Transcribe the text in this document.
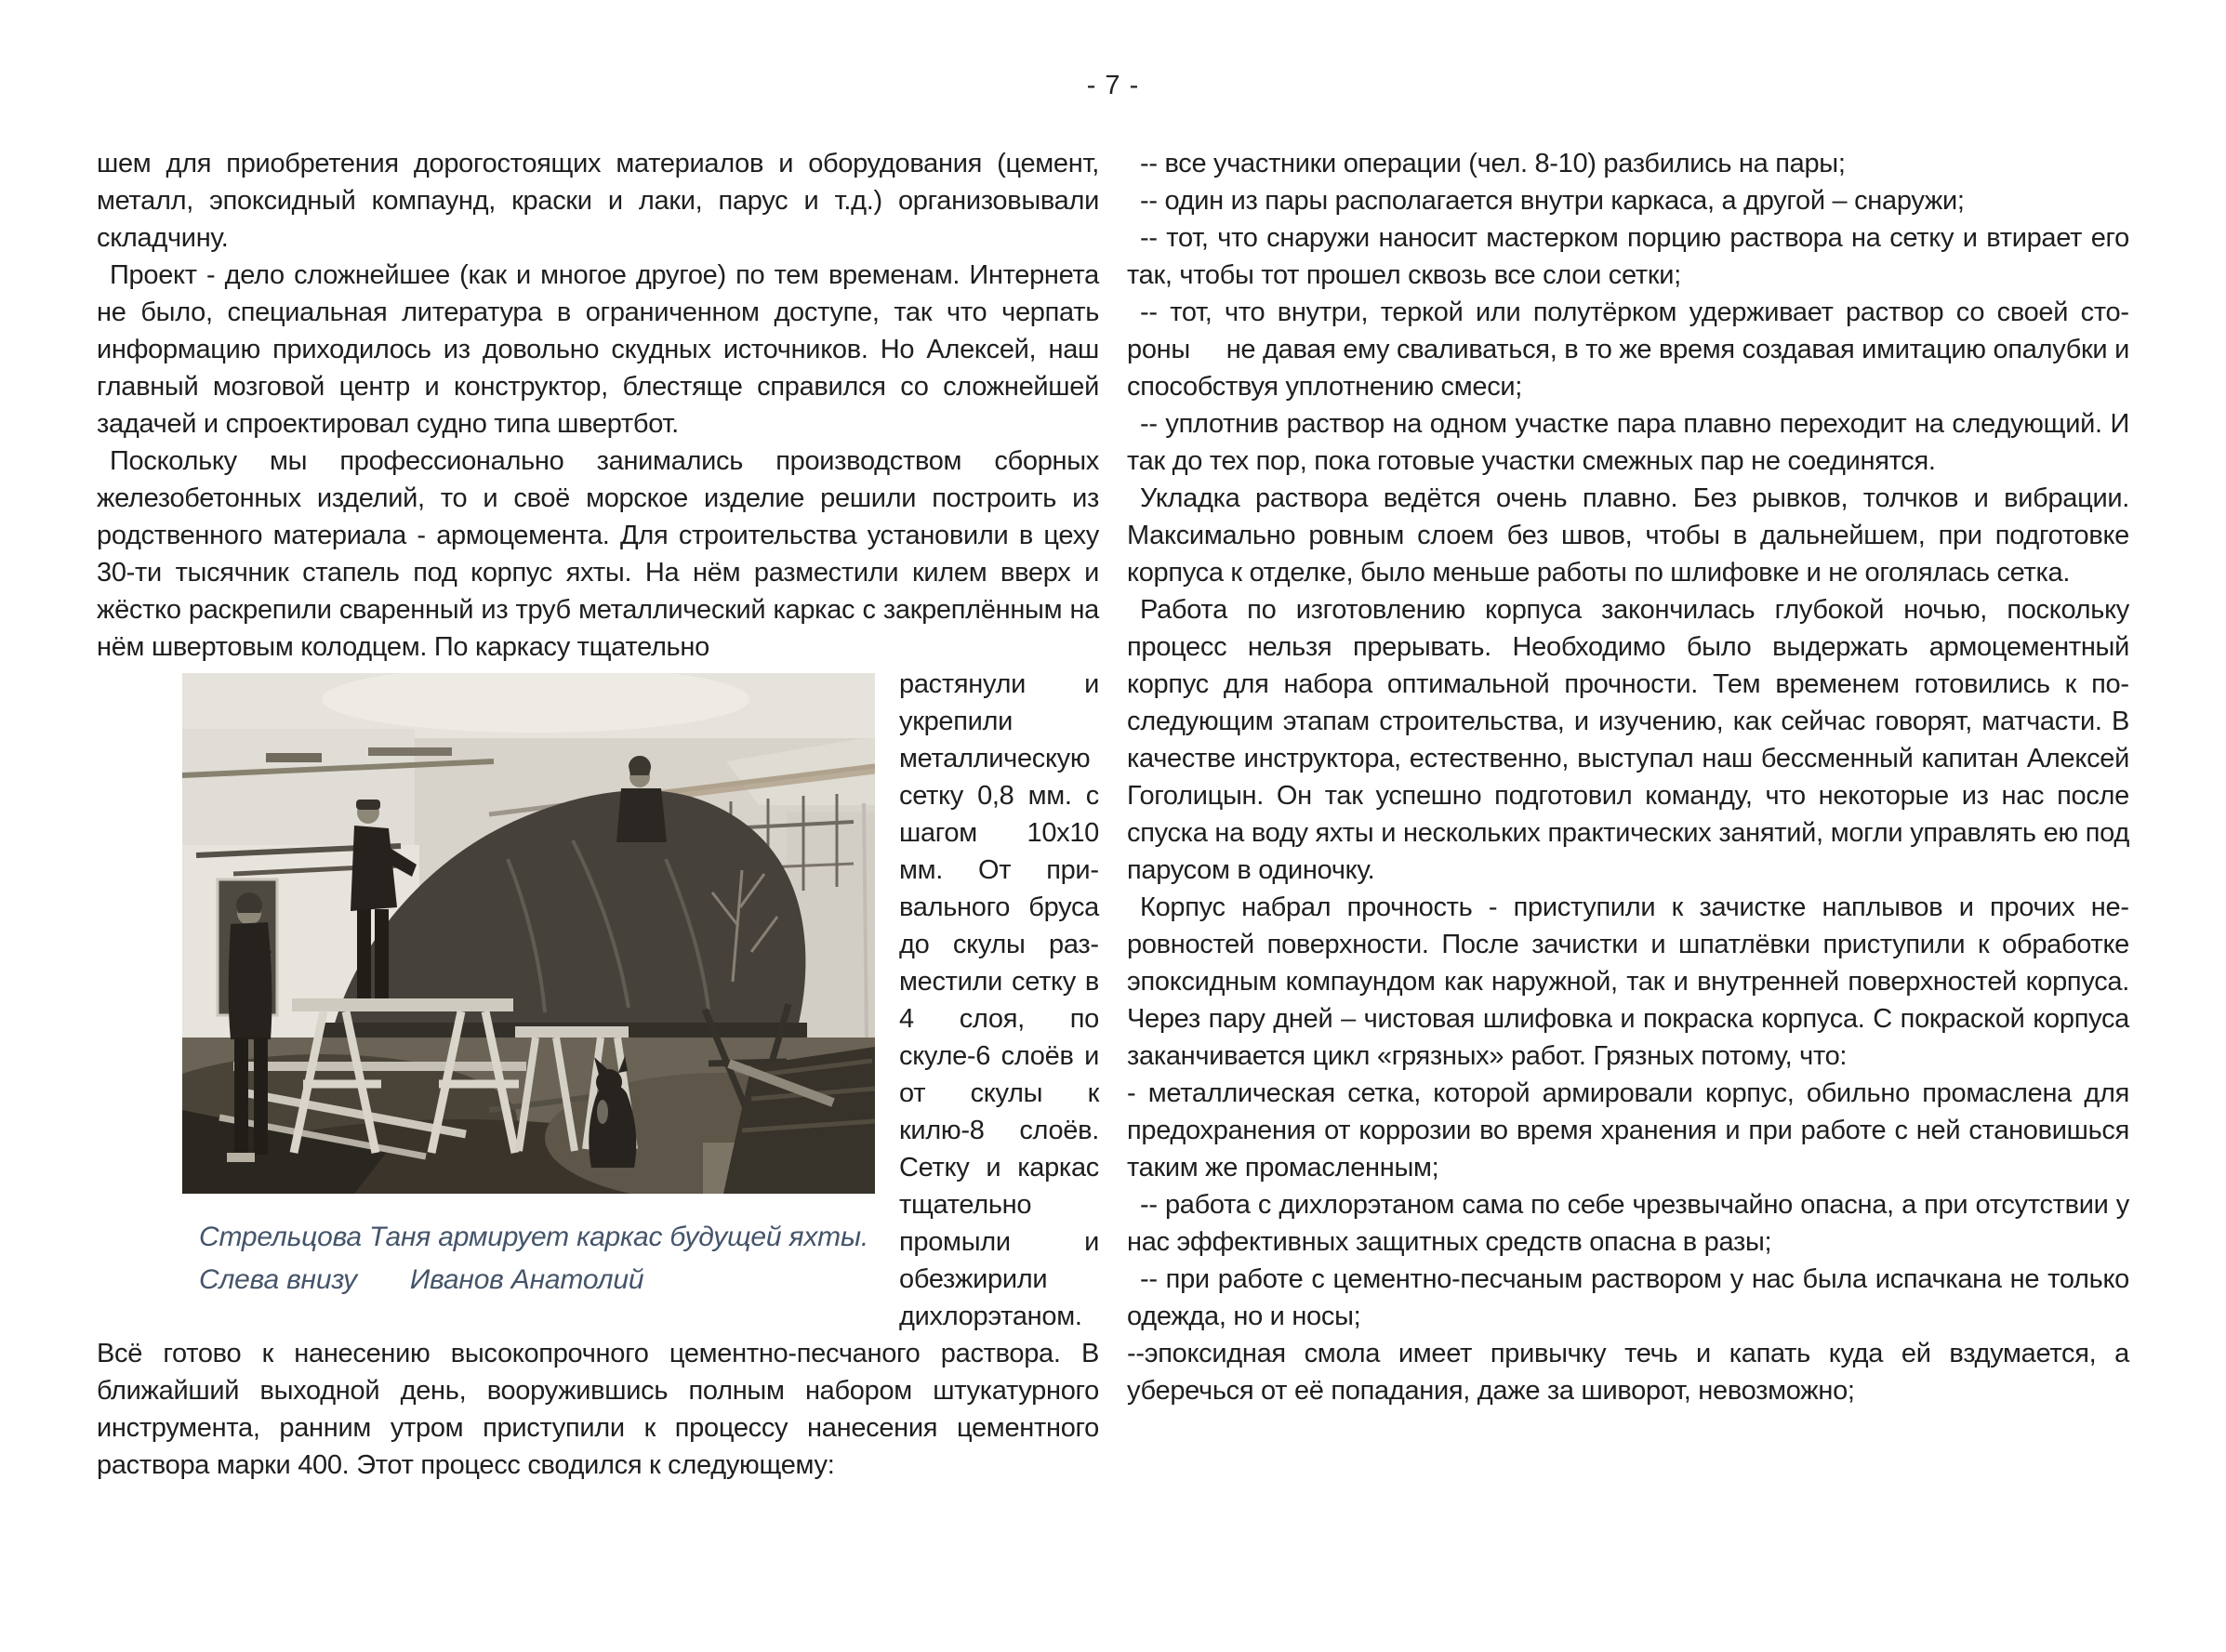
- 7 -

шем для приобретения дорогостоящих материалов и оборудования (цемент, металл, эпоксидный компаунд, краски и лаки, парус и т.д.) организовывали складчину.

Проект - дело сложнейшее (как и многое другое) по тем временам. Интернета не было, специальная литература в ограниченном доступе, так что черпать информацию приходилось из довольно скудных источников. Но Алексей, наш главный мозговой центр и конструктор, блестяще справился со сложнейшей задачей и спроектировал судно типа швертбот.

Поскольку мы профессионально занимались производством сборных железобетонных изделий, то и своё морское изделие решили построить из родственного материала - армоцемента. Для строительства установили в цеху 30-ти тысячник стапель под корпус яхты. На нём разместили килем вверх и жёстко раскрепили сваренный из труб металлический каркас с закреплённым на нём швертовым колодцем. По каркасу тщательно

Стрельцова Таня армирует каркас будущей яхты.
Слева внизу       Иванов Анатолий

растянули и укрепили металлическую сетку 0,8 мм. с шагом 10х10 мм. От привального бруса до скулы разместили сетку в 4 слоя, по скуле-6 слоёв и от скулы к килю-8 слоёв. Сетку и каркас тщательно промыли и обезжирили дихлорэтаном. Всё готово к нанесению высокопрочного цементно-песчаного раствора. В ближайший выходной день, вооружившись полным набором штукатурного инструмента, ранним утром приступили к процессу нанесения цементного раствора марки 400. Этот процесс сводился к следующему:

-- все участники операции (чел. 8-10) разбились на пары;

-- один из пары располагается внутри каркаса, а другой – снаружи;

-- тот, что снаружи наносит мастерком порцию раствора на сетку и втирает его так, чтобы тот прошел сквозь все слои сетки;

-- тот, что внутри, теркой или полутёрком удерживает раствор со своей стороны     не давая ему сваливаться, в то же время создавая имитацию опалубки и способствуя уплотнению смеси;

-- уплотнив раствор на одном участке пара плавно переходит на следующий. И так до тех пор, пока готовые участки смежных пар не соединятся.

Укладка раствора ведётся очень плавно. Без рывков, толчков и вибрации. Максимально ровным слоем без швов, чтобы в дальнейшем, при подготовке корпуса к отделке, было меньше работы по шлифовке и не оголялась сетка.

Работа по изготовлению корпуса закончилась глубокой ночью, поскольку процесс нельзя прерывать. Необходимо было выдержать армоцементный корпус для набора оптимальной прочности. Тем временем готовились к последующим этапам строительства, и изучению, как сейчас говорят, матчасти. В качестве инструктора, естественно, выступал наш бессменный капитан Алексей Гоголицын. Он так успешно подготовил команду, что некоторые из нас после спуска на воду яхты и нескольких практических занятий, могли управлять ею под парусом в одиночку.

Корпус набрал прочность - приступили к зачистке наплывов и прочих неровностей поверхности. После зачистки и шпатлёвки приступили к обработке эпоксидным компаундом как наружной, так и внутренней поверхностей корпуса. Через пару дней – чистовая шлифовка и покраска корпуса. С покраской корпуса заканчивается цикл «грязных» работ. Грязных потому, что:

- металлическая сетка, которой армировали корпус, обильно промаслена для предохранения от коррозии во время хранения и при работе с ней становишься таким же промасленным;

-- работа с дихлорэтаном сама по себе чрезвычайно опасна, а при отсутствии у нас эффективных защитных средств опасна в разы;

-- при работе с цементно-песчаным раствором у нас была испачкана не только одежда, но и носы;

--эпоксидная смола имеет привычку течь и капать куда ей вздумается, а уберечься от её попадания, даже за шиворот, невозможно;
